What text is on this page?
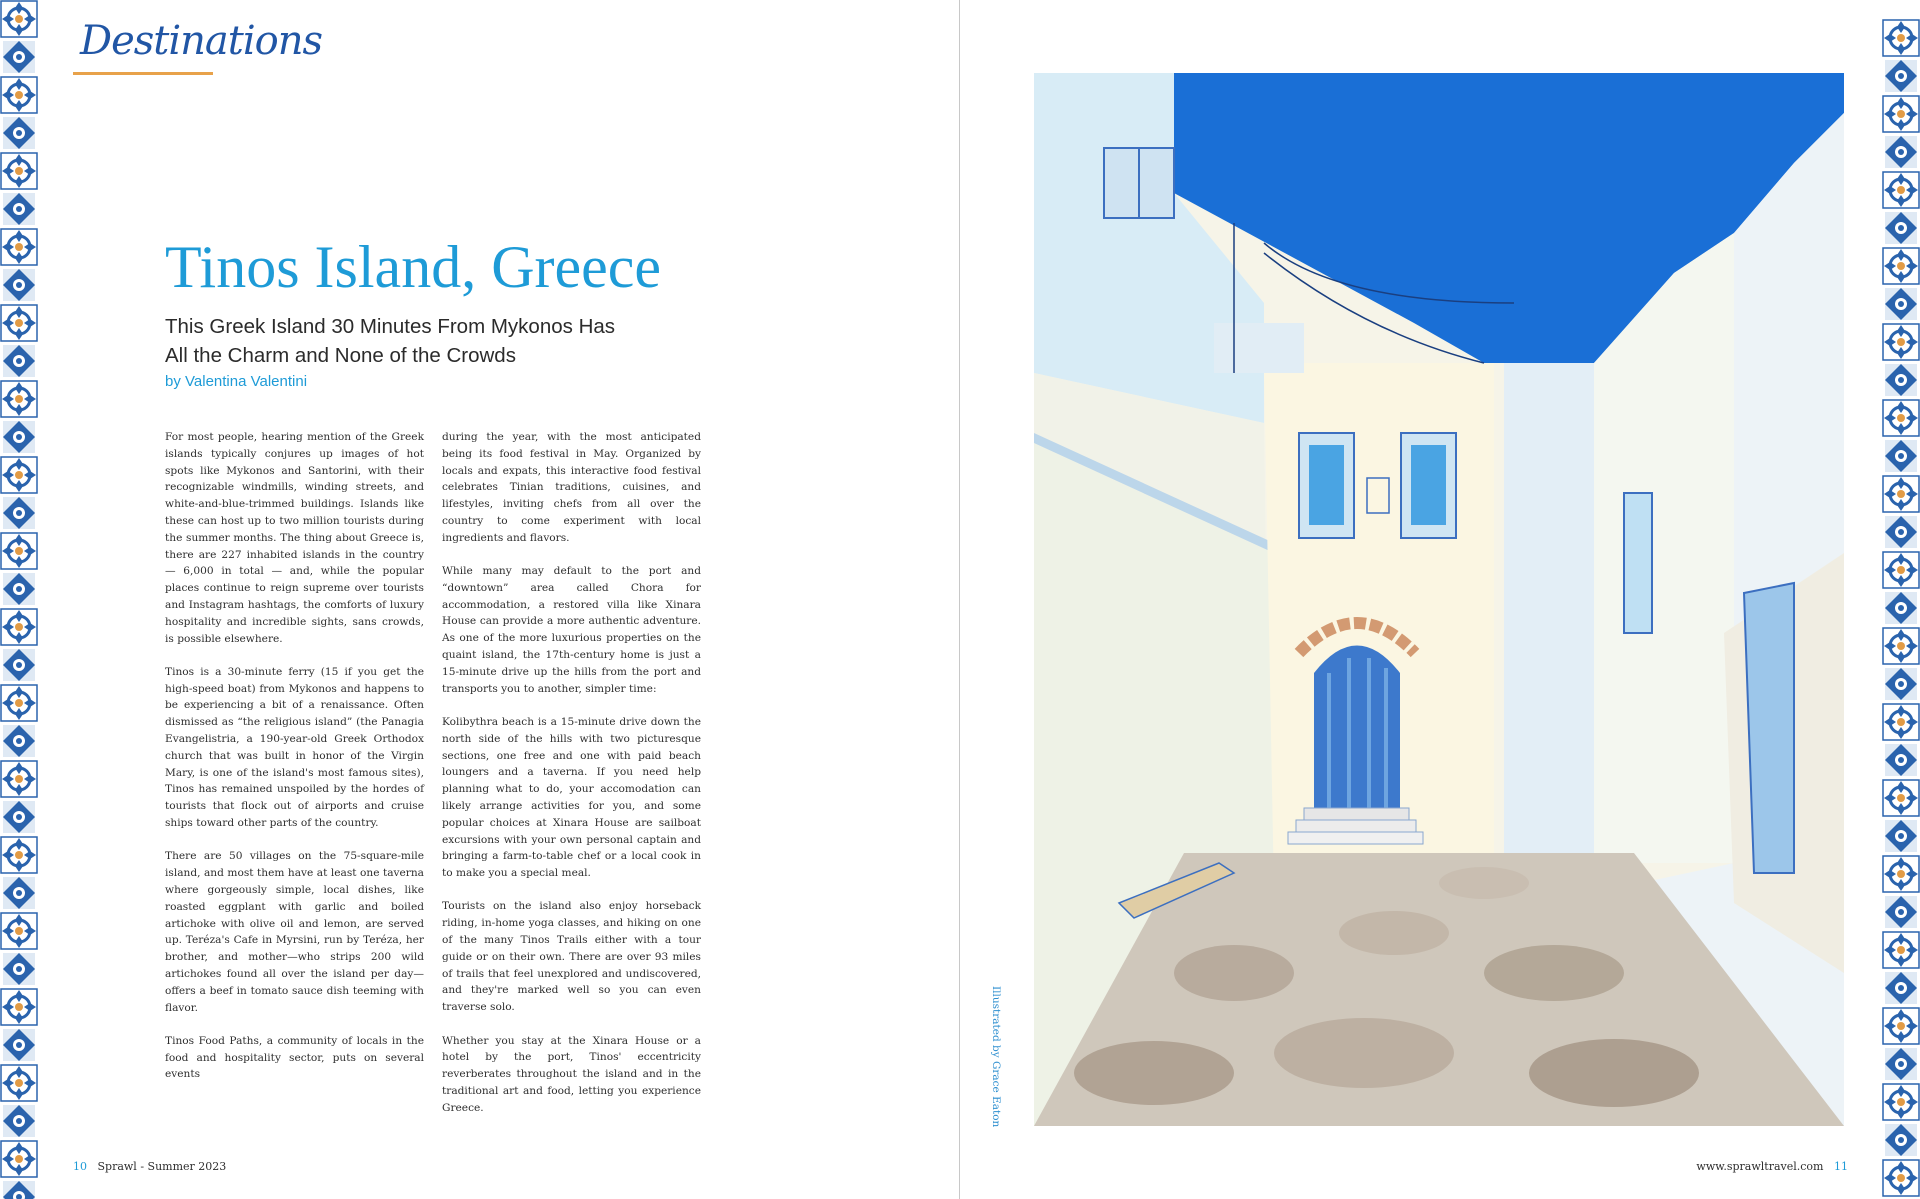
Destinations
Tinos Island, Greece
This Greek Island 30 Minutes From Mykonos Has
All the Charm and None of the Crowds
by Valentina Valentini

For most people, hearing mention of the Greek islands typically conjures up images of hot spots like Mykonos and Santorini, with their recognizable windmills, winding streets, and white-and-blue-trimmed buildings. Islands like these can host up to two million tourists during the summer months. The thing about Greece is, there are 227 inhabited islands in the country — 6,000 in total — and, while the popular places continue to reign supreme over tourists and Instagram hashtags, the comforts of luxury hospitality and incredible sights, sans crowds, is possible elsewhere.

Tinos is a 30-minute ferry (15 if you get the high-speed boat) from Mykonos and happens to be experiencing a bit of a renaissance. Often dismissed as “the religious island” (the Panagia Evangelistria, a 190-year-old Greek Orthodox church that was built in honor of the Virgin Mary, is one of the island's most famous sites), Tinos has remained unspoiled by the hordes of tourists that flock out of airports and cruise ships toward other parts of the country.

There are 50 villages on the 75-square-mile island, and most them have at least one taverna where gorgeously simple, local dishes, like roasted eggplant with garlic and boiled artichoke with olive oil and lemon, are served up. Teréza's Cafe in Myrsini, run by Teréza, her brother, and mother—who strips 200 wild artichokes found all over the island per day— offers a beef in tomato sauce dish teeming with flavor.

Tinos Food Paths, a community of locals in the food and hospitality sector, puts on several events

during the year, with the most anticipated being its food festival in May. Organized by locals and expats, this interactive food festival celebrates Tinian traditions, cuisines, and lifestyles, inviting chefs from all over the country to come experiment with local ingredients and flavors.

While many may default to the port and “downtown” area called Chora for accommodation, a restored villa like Xinara House can provide a more authentic adventure. As one of the more luxurious properties on the quaint island, the 17th-century home is just a 15-minute drive up the hills from the port and transports you to another, simpler time:

Kolibythra beach is a 15-minute drive down the north side of the hills with two picturesque sections, one free and one with paid beach loungers and a taverna. If you need help planning what to do, your accomodation can likely arrange activities for you, and some popular choices at Xinara House are sailboat excursions with your own personal captain and bringing a farm-to-table chef or a local cook in to make you a special meal.

Tourists on the island also enjoy horseback riding, in-home yoga classes, and hiking on one of the many Tinos Trails either with a tour guide or on their own. There are over 93 miles of trails that feel unexplored and undiscovered, and they're marked well so you can even traverse solo.

Whether you stay at the Xinara House or a hotel by the port, Tinos' eccentricity reverberates throughout the island and in the traditional art and food, letting you experience Greece.

10 Sprawl - Summer 2023	www.sprawltravel.com 11
Illustrated by Grace Eaton
